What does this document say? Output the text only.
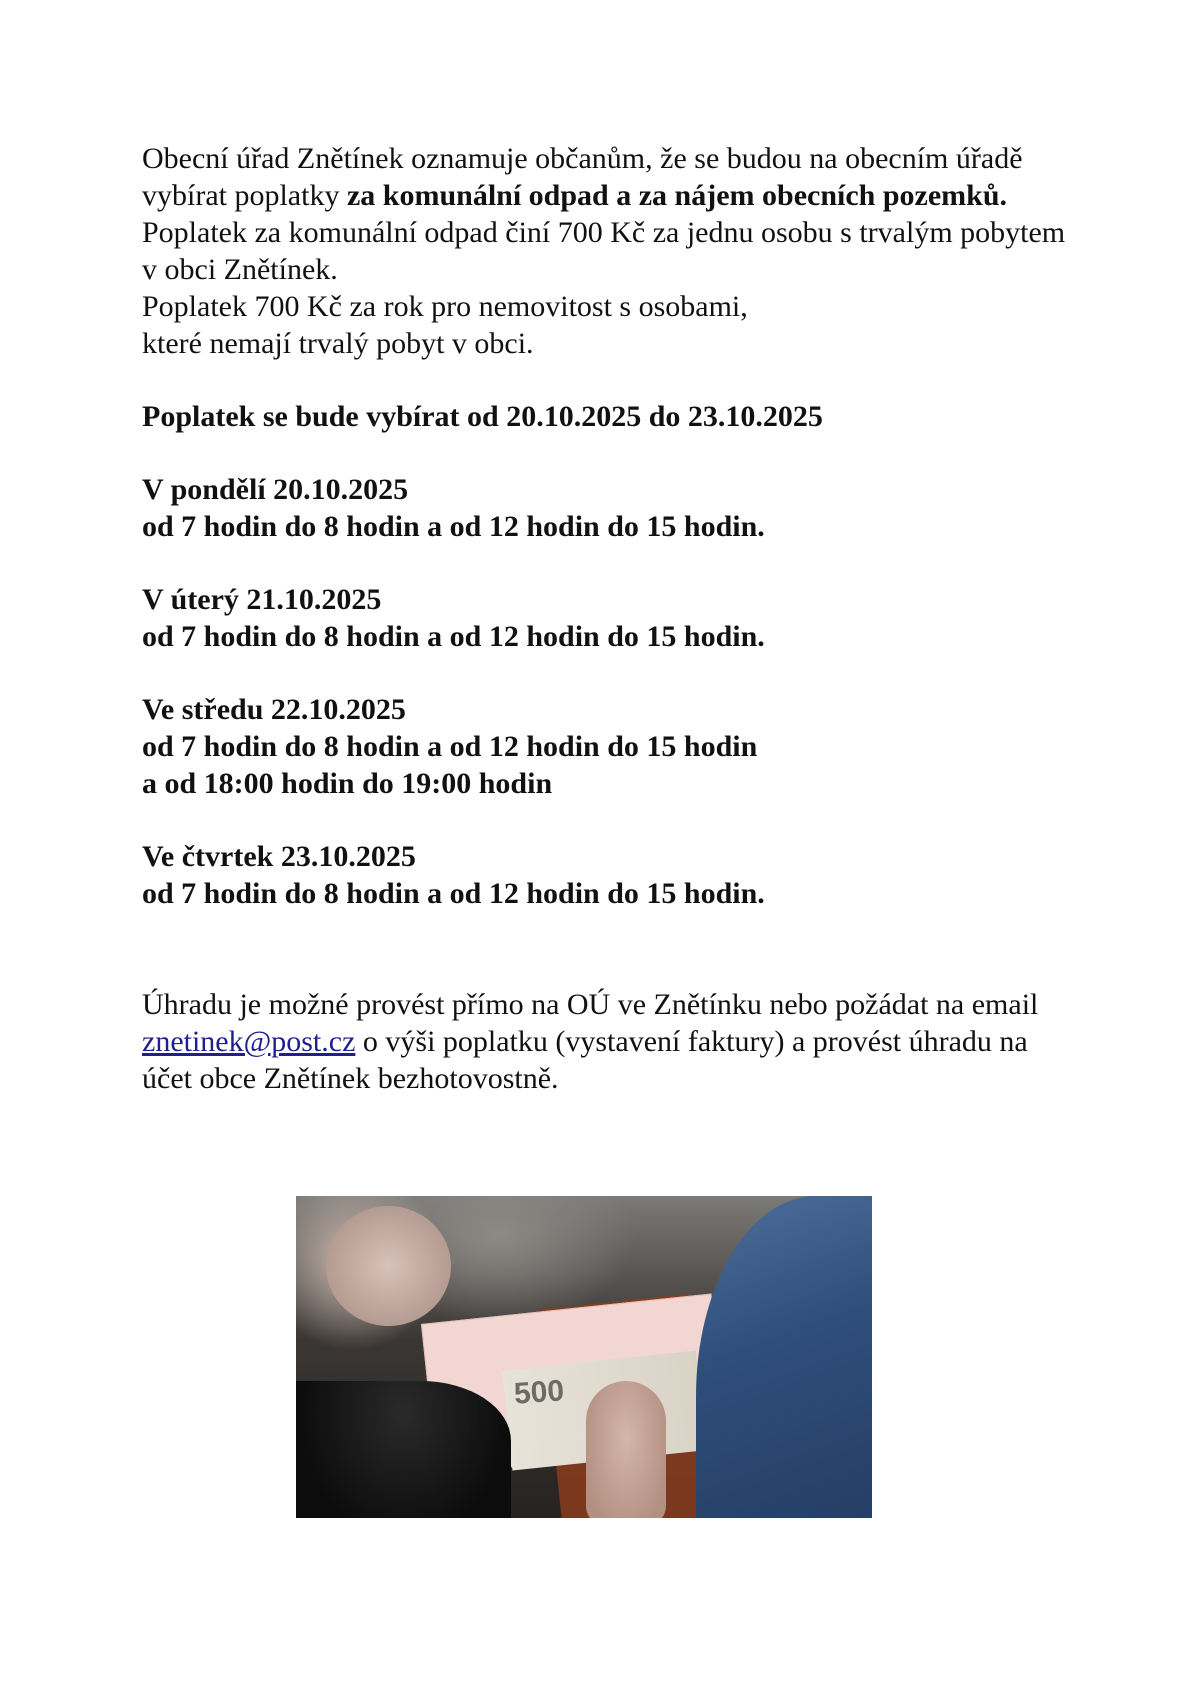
Obecní úřad Znětínek oznamuje občanům, že se budou na obecním úřadě vybírat poplatky za komunální odpad a za nájem obecních pozemků.

Poplatek za komunální odpad činí 700 Kč za jednu osobu s trvalým pobytem v obci Znětínek.

Poplatek 700 Kč za rok pro nemovitost s osobami,

které nemají trvalý pobyt v obci.

Poplatek se bude vybírat od 20.10.2025 do 23.10.2025

V pondělí 20.10.2025

od 7 hodin do 8 hodin a od 12 hodin do 15 hodin.

V úterý 21.10.2025

od 7 hodin do 8 hodin a od 12 hodin do 15 hodin.

Ve středu 22.10.2025

od 7 hodin do 8 hodin a od 12 hodin do 15 hodin

a od 18:00 hodin do 19:00 hodin

Ve čtvrtek 23.10.2025

od 7 hodin do 8 hodin a od 12 hodin do 15 hodin.

Úhradu je možné provést přímo na OÚ ve Znětínku nebo požádat na email znetinek@post.cz o výši poplatku (vystavení faktury) a provést úhradu na účet obce Znětínek bezhotovostně.

500
